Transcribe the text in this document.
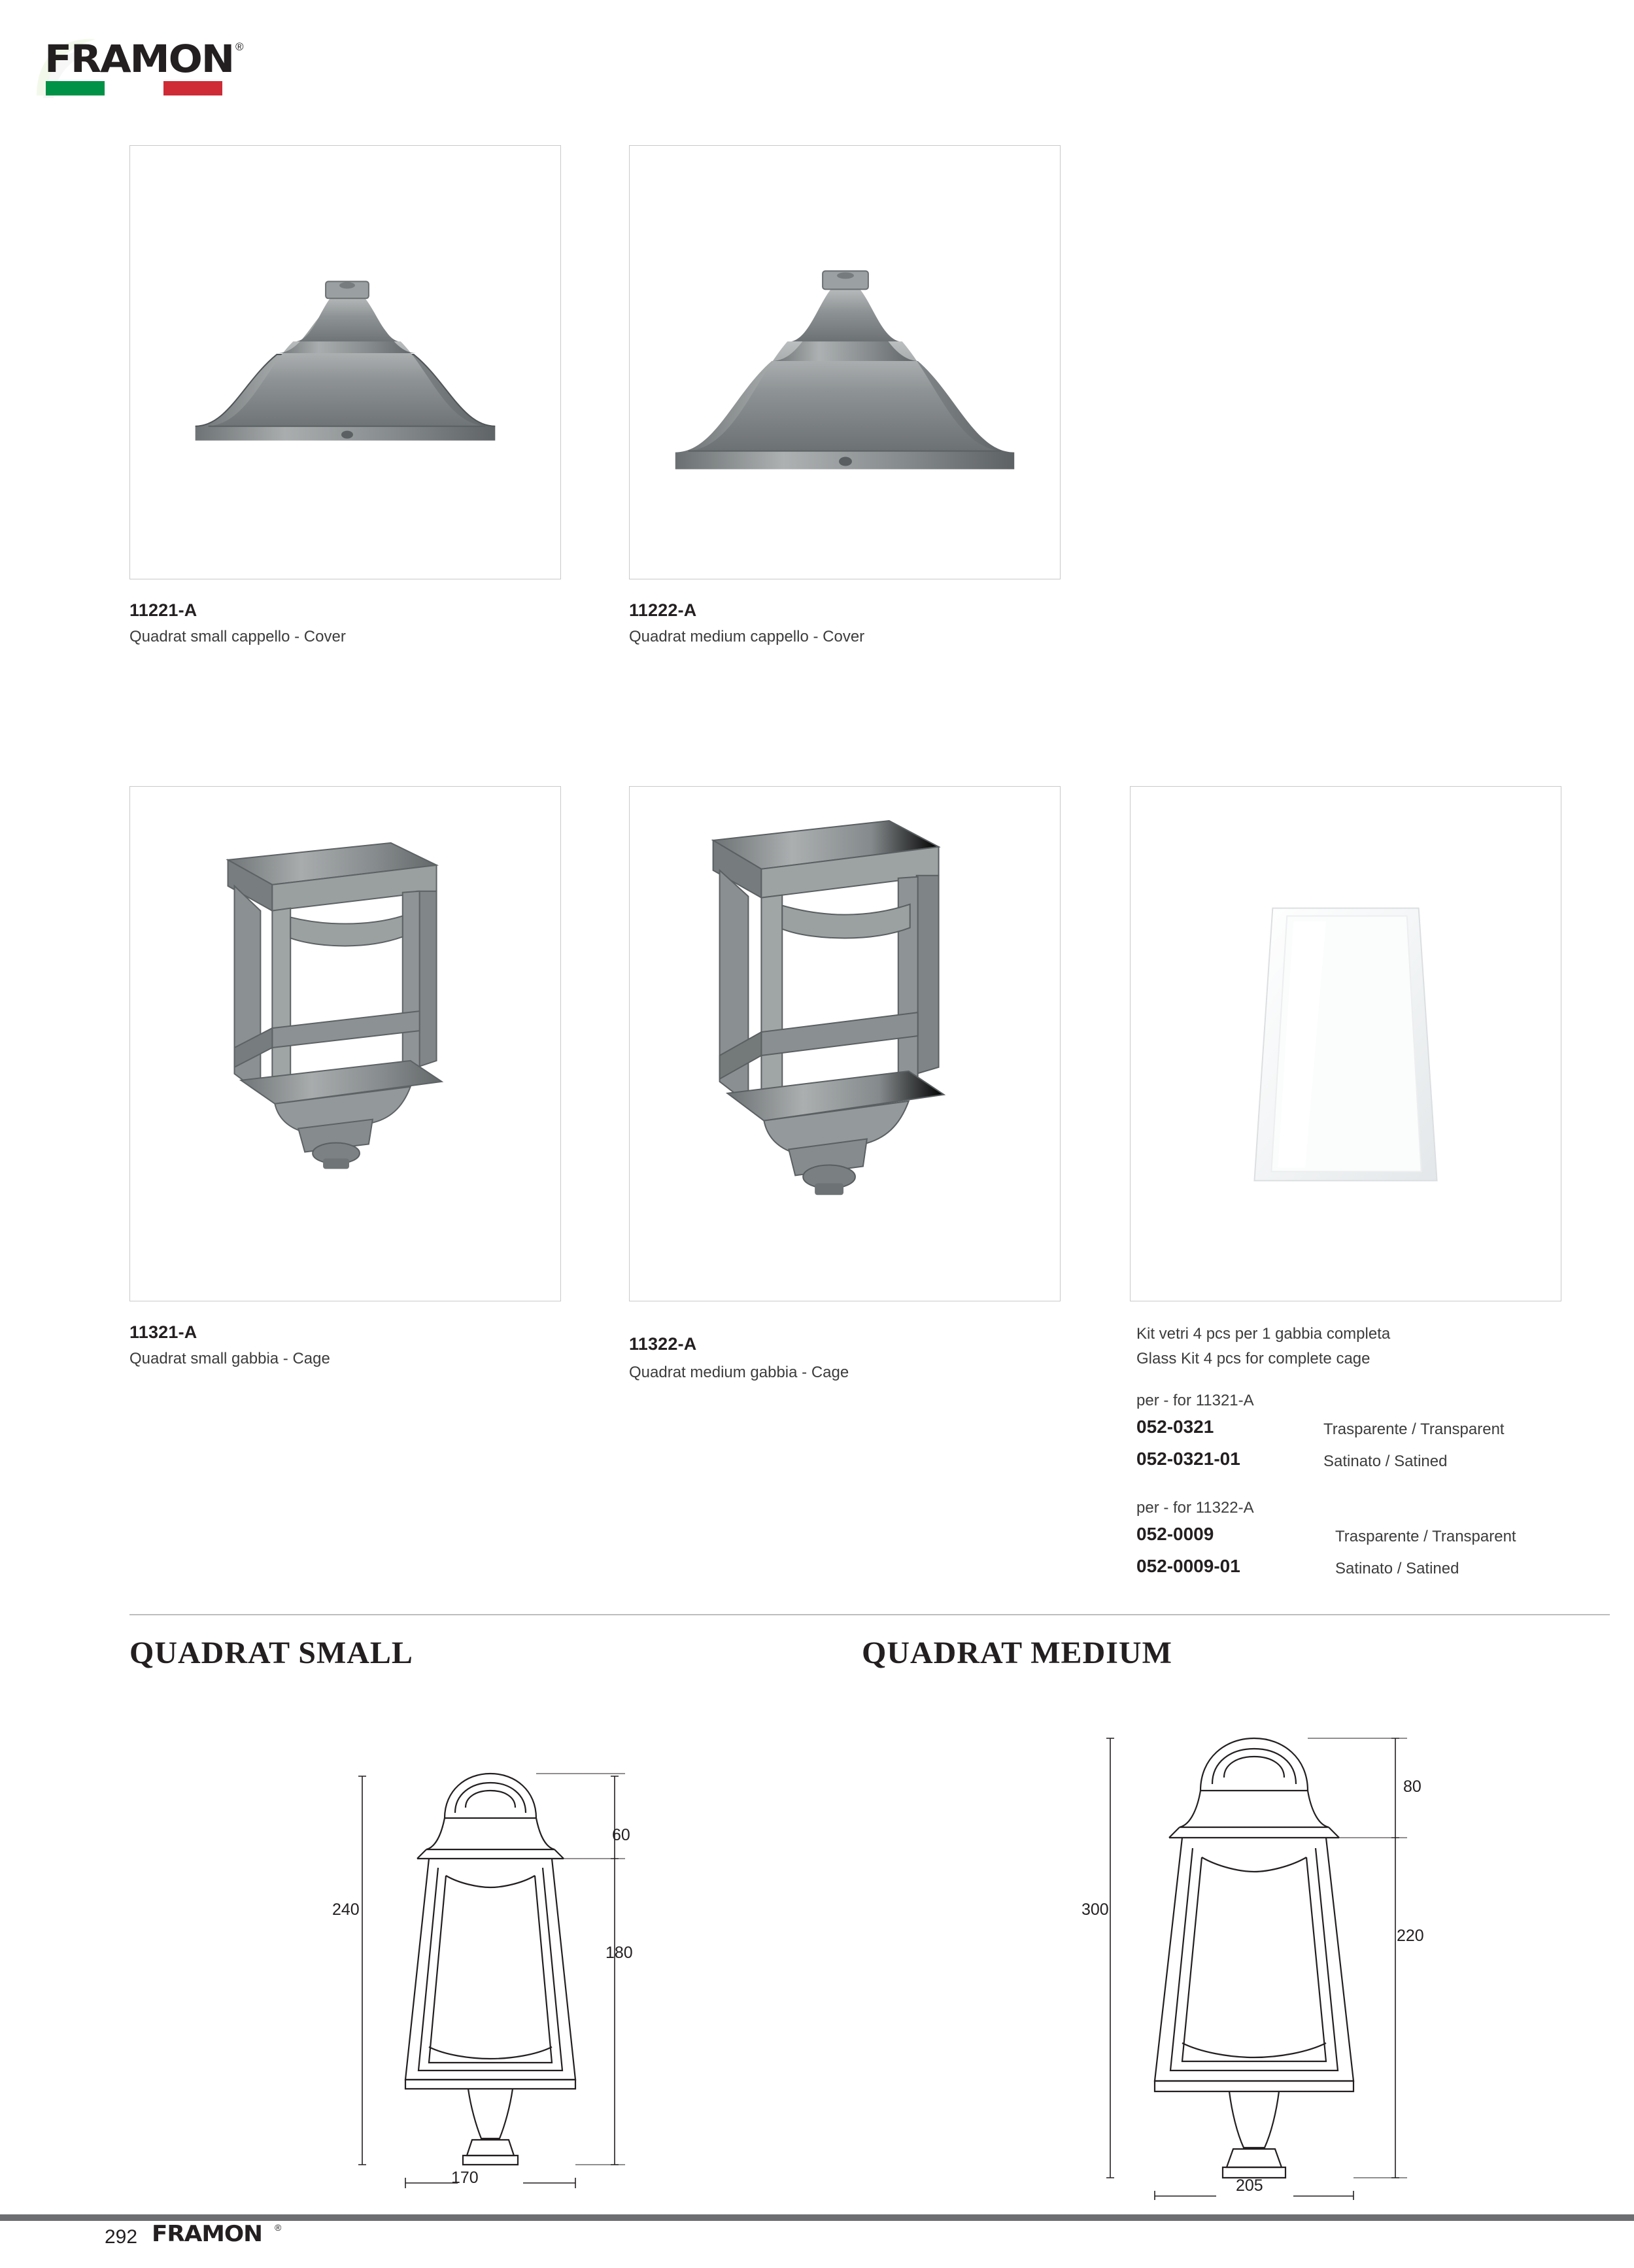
FRAMON ®
11221-A
Quadrat small cappello - Cover
11222-A
Quadrat medium cappello - Cover
11321-A
Quadrat small gabbia - Cage
11322-A
Quadrat medium gabbia - Cage
Kit vetri 4 pcs per 1 gabbia completa
Glass Kit 4 pcs for complete cage
per - for 11321-A
052-0321	Trasparente / Transparent
052-0321-01	Satinato / Satined
per - for 11322-A
052-0009	Trasparente / Transparent
052-0009-01	Satinato / Satined
QUADRAT SMALL	QUADRAT MEDIUM
240
60
180
170
300
80
220
205
292 FRAMON ®
